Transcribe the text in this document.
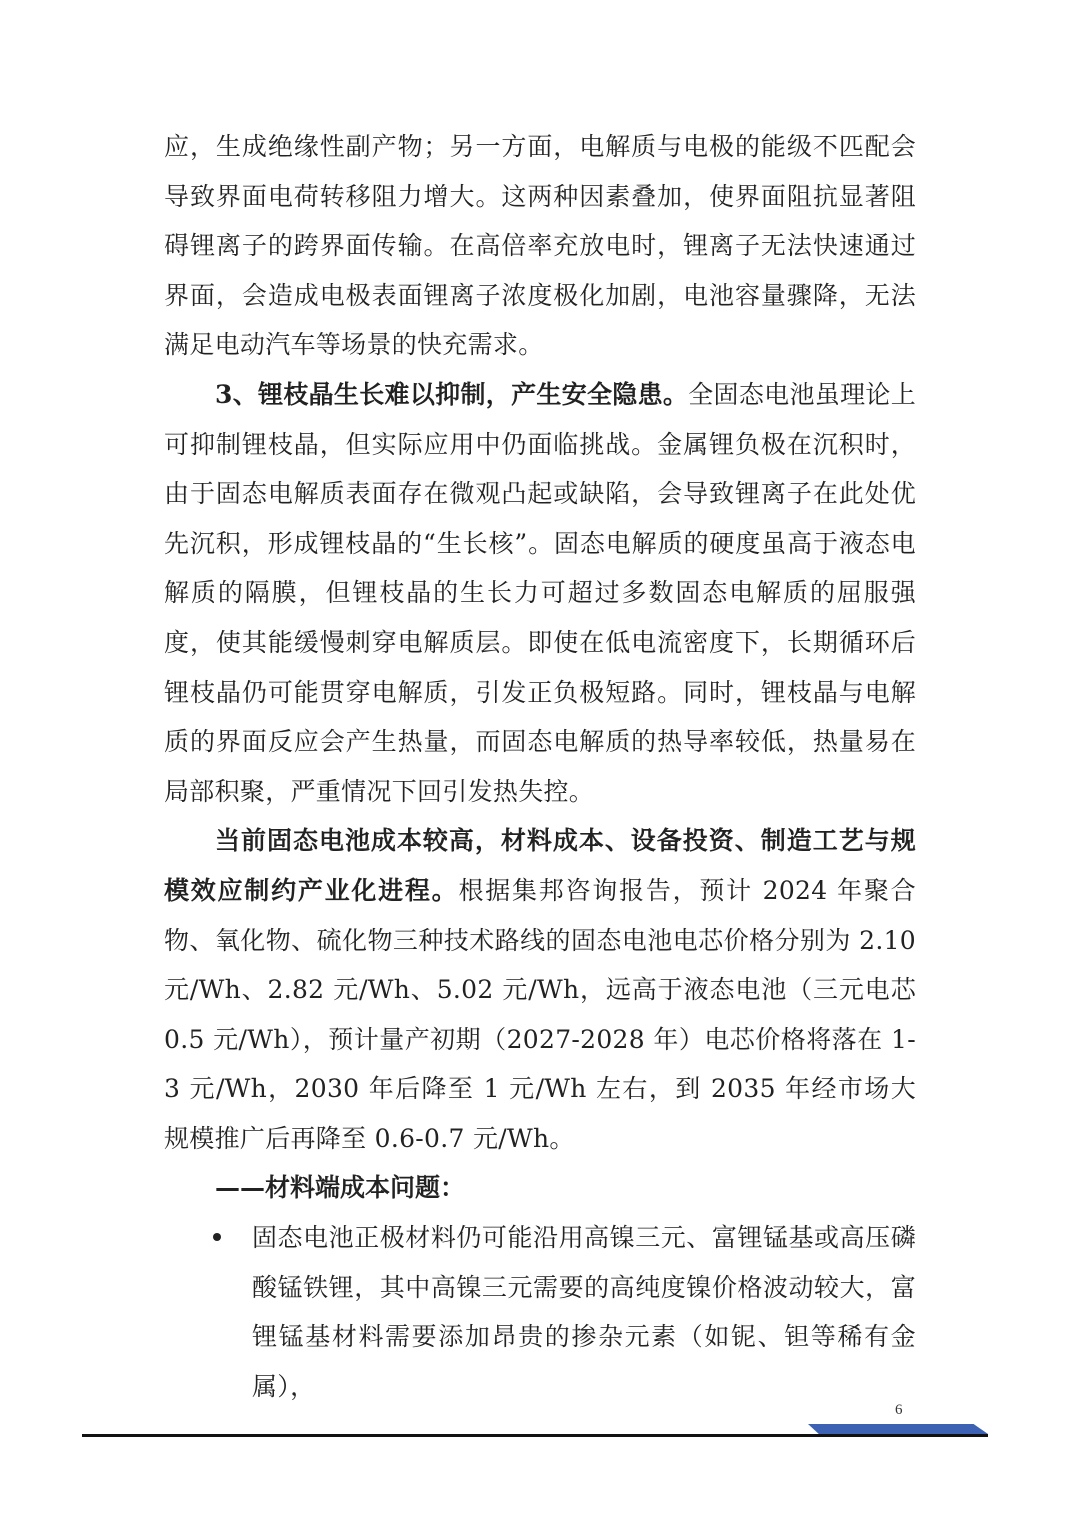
应，生成绝缘性副产物；另一方面，电解质与电极的能级不匹配会导致界面电荷转移阻力增大。这两种因素叠加，使界面阻抗显著阻碍锂离子的跨界面传输。在高倍率充放电时，锂离子无法快速通过界面，会造成电极表面锂离子浓度极化加剧，电池容量骤降，无法满足电动汽车等场景的快充需求。

3、锂枝晶生长难以抑制，产生安全隐患。全固态电池虽理论上可抑制锂枝晶，但实际应用中仍面临挑战。金属锂负极在沉积时，由于固态电解质表面存在微观凸起或缺陷，会导致锂离子在此处优先沉积，形成锂枝晶的“生长核”。固态电解质的硬度虽高于液态电解质的隔膜，但锂枝晶的生长力可超过多数固态电解质的屈服强度，使其能缓慢刺穿电解质层。即使在低电流密度下，长期循环后锂枝晶仍可能贯穿电解质，引发正负极短路。同时，锂枝晶与电解质的界面反应会产生热量，而固态电解质的热导率较低，热量易在局部积聚，严重情况下回引发热失控。

当前固态电池成本较高，材料成本、设备投资、制造工艺与规模效应制约产业化进程。根据集邦咨询报告，预计 2024 年聚合物、氧化物、硫化物三种技术路线的固态电池电芯价格分别为 2.10 元/Wh、2.82 元/Wh、5.02 元/Wh，远高于液态电池（三元电芯 0.5 元/Wh），预计量产初期（2027-2028 年）电芯价格将落在 1-3 元/Wh，2030 年后降至 1 元/Wh 左右，到 2035 年经市场大规模推广后再降至 0.6-0.7 元/Wh。

——材料端成本问题：

固态电池正极材料仍可能沿用高镍三元、富锂锰基或高压磷酸锰铁锂，其中高镍三元需要的高纯度镍价格波动较大，富锂锰基材料需要添加昂贵的掺杂元素（如铌、钽等稀有金属），

6
